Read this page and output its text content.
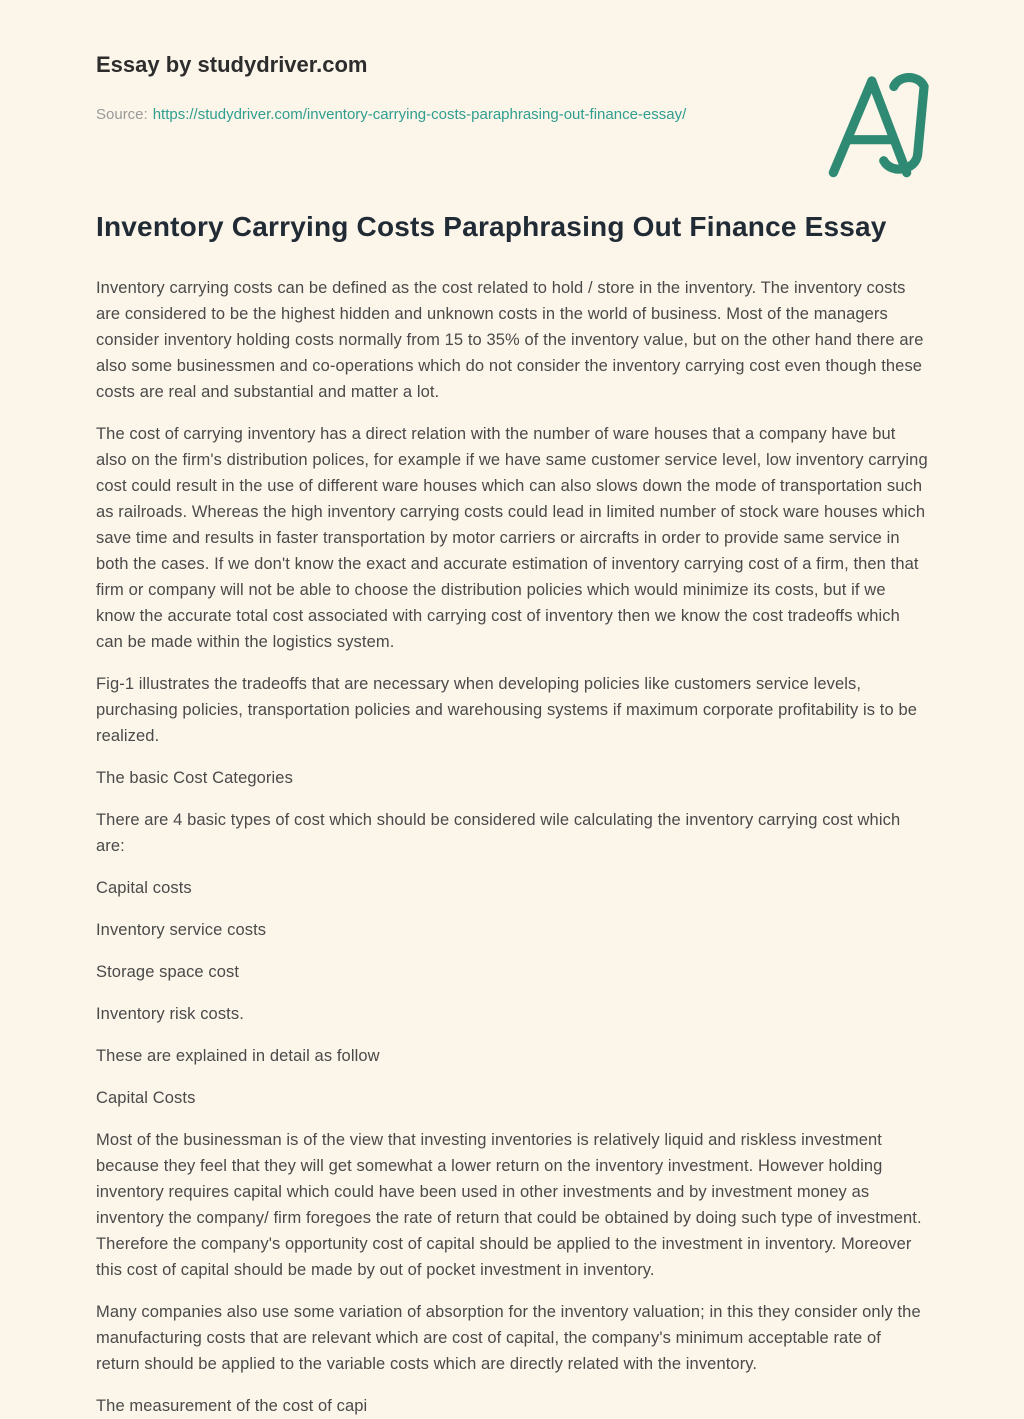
Essay by studydriver.com
Source: https://studydriver.com/inventory-carrying-costs-paraphrasing-out-finance-essay/
Inventory Carrying Costs Paraphrasing Out Finance Essay

Inventory carrying costs can be defined as the cost related to hold / store in the inventory. The inventory costs are considered to be the highest hidden and unknown costs in the world of business. Most of the managers consider inventory holding costs normally from 15 to 35% of the inventory value, but on the other hand there are also some businessmen and co-operations which do not consider the inventory carrying cost even though these costs are real and substantial and matter a lot.

The cost of carrying inventory has a direct relation with the number of ware houses that a company have but also on the firm's distribution polices, for example if we have same customer service level, low inventory carrying cost could result in the use of different ware houses which can also slows down the mode of transportation such as railroads. Whereas the high inventory carrying costs could lead in limited number of stock ware houses which save time and results in faster transportation by motor carriers or aircrafts in order to provide same service in both the cases. If we don't know the exact and accurate estimation of inventory carrying cost of a firm, then that firm or company will not be able to choose the distribution policies which would minimize its costs, but if we know the accurate total cost associated with carrying cost of inventory then we know the cost tradeoffs which can be made within the logistics system.

Fig-1 illustrates the tradeoffs that are necessary when developing policies like customers service levels, purchasing policies, transportation policies and warehousing systems if maximum corporate profitability is to be realized.

The basic Cost Categories

There are 4 basic types of cost which should be considered wile calculating the inventory carrying cost which are:

Capital costs

Inventory service costs

Storage space cost

Inventory risk costs.

These are explained in detail as follow

Capital Costs

Most of the businessman is of the view that investing inventories is relatively liquid and riskless investment because they feel that they will get somewhat a lower return on the inventory investment. However holding inventory requires capital which could have been used in other investments and by investment money as inventory the company/ firm foregoes the rate of return that could be obtained by doing such type of investment. Therefore the company's opportunity cost of capital should be applied to the investment in inventory. Moreover this cost of capital should be made by out of pocket investment in inventory.

Many companies also use some variation of absorption for the inventory valuation; in this they consider only the manufacturing costs that are relevant which are cost of capital, the company's minimum acceptable rate of return should be applied to the variable costs which are directly related with the inventory.

The measurement of the cost of capi
